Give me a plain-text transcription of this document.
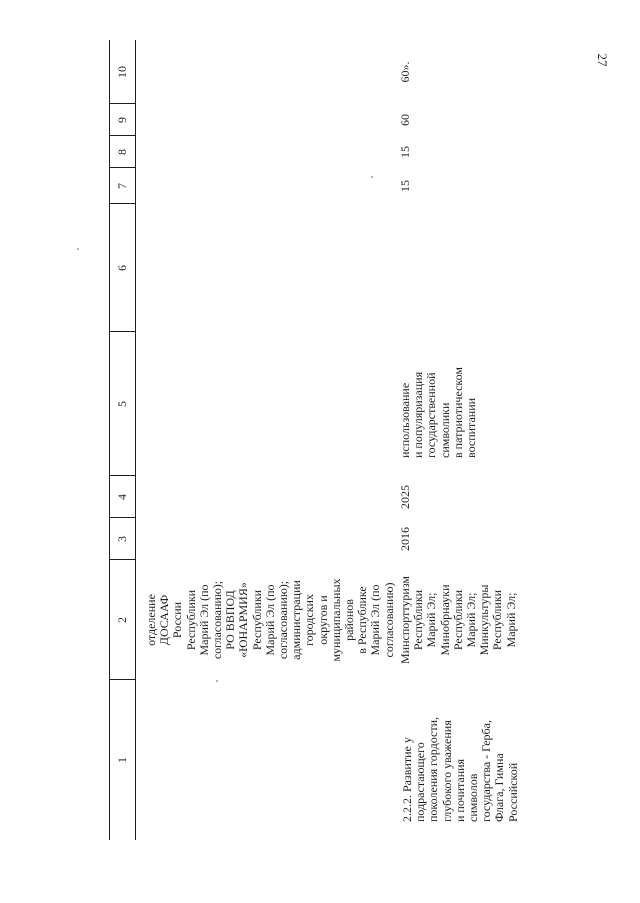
27
1
2
3
4
5
6
7
8
9
10
отделение
ДОСААФ
России
Республики
Марий Эл (по
согласованию);
РО ВВПОД
«ЮНАРМИЯ»
Республики
Марий Эл (по
согласованию);
администрации
городских
округов и
муниципальных
районов
в Республике
Марий Эл (по
согласованию)
2.2.2. Развитие у
подрастающего
поколения гордости,
глубокого уважения
и почитания
символов
государства - Герба,
Флага, Гимна
Российской
Минспорттуризм
Республики
Марий Эл;
Минобрнауки
Республики
Марий Эл;
Минкультуры
Республики
Марий Эл;
2016
2025
использование
и популяризация
государственной
символики
в патриотическом
воспитании
15
15
60
60».
